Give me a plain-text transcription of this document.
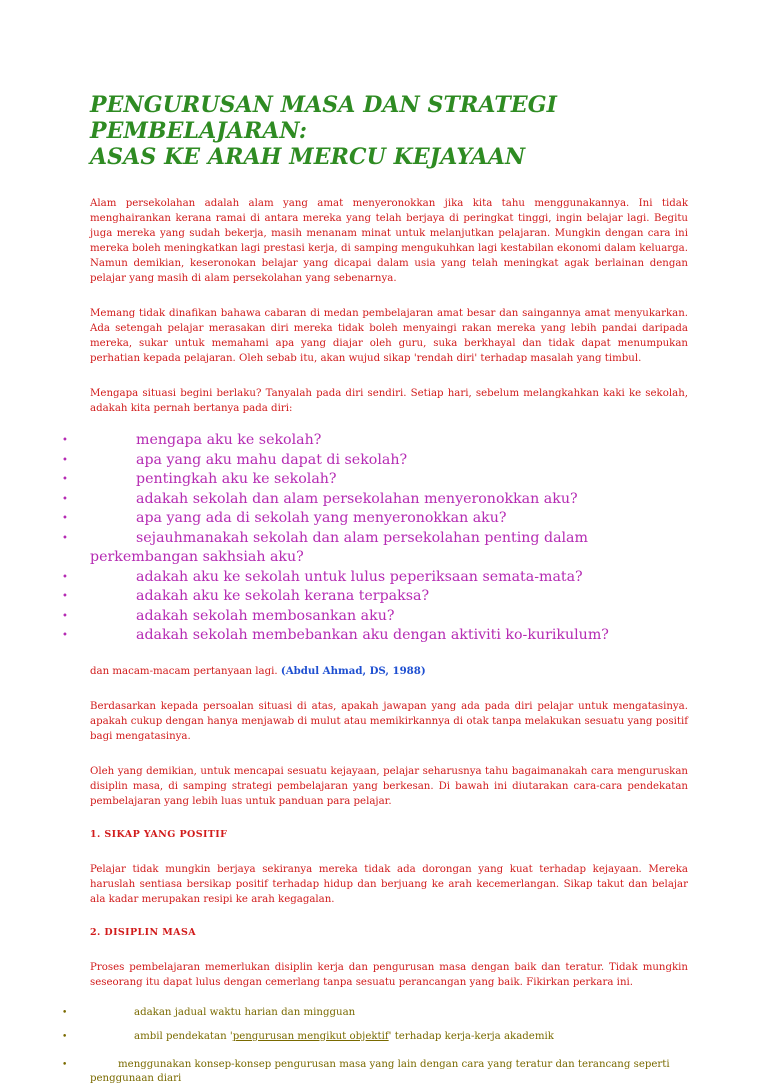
PENGURUSAN MASA DAN STRATEGI PEMBELAJARAN:
ASAS KE ARAH MERCU KEJAYAAN

Alam persekolahan adalah alam yang amat menyeronokkan jika kita tahu menggunakannya. Ini tidak menghairankan kerana ramai di antara mereka yang telah berjaya di peringkat tinggi, ingin belajar lagi. Begitu juga mereka yang sudah bekerja, masih menanam minat untuk melanjutkan pelajaran. Mungkin dengan cara ini mereka boleh meningkatkan lagi prestasi kerja, di samping mengukuhkan lagi kestabilan ekonomi dalam keluarga. Namun demikian, keseronokan belajar yang dicapai dalam usia yang telah meningkat agak berlainan dengan pelajar yang masih di alam persekolahan yang sebenarnya.

Memang tidak dinafikan bahawa cabaran di medan pembelajaran amat besar dan saingannya amat menyukarkan. Ada setengah pelajar merasakan diri mereka tidak boleh menyaingi rakan mereka yang lebih pandai daripada mereka, sukar untuk memahami apa yang diajar oleh guru, suka berkhayal dan tidak dapat menumpukan perhatian kepada pelajaran. Oleh sebab itu, akan wujud sikap 'rendah diri' terhadap masalah yang timbul.

Mengapa situasi begini berlaku? Tanyalah pada diri sendiri. Setiap hari, sebelum melangkahkan kaki ke sekolah, adakah kita pernah bertanya pada diri:

•	mengapa aku ke sekolah?
•	apa yang aku mahu dapat di sekolah?
•	pentingkah aku ke sekolah?
•	adakah sekolah dan alam persekolahan menyeronokkan aku?
•	apa yang ada di sekolah yang menyeronokkan aku?
•	sejauhmanakah sekolah dan alam persekolahan penting dalam
perkembangan sakhsiah aku?
•	adakah aku ke sekolah untuk lulus peperiksaan semata-mata?
•	adakah aku ke sekolah kerana terpaksa?
•	adakah sekolah membosankan aku?
•	adakah sekolah membebankan aku dengan aktiviti ko-kurikulum?

dan macam-macam pertanyaan lagi. (Abdul Ahmad, DS, 1988)

Berdasarkan kepada persoalan situasi di atas, apakah jawapan yang ada pada diri pelajar untuk mengatasinya. apakah cukup dengan hanya menjawab di mulut atau memikirkannya di otak tanpa melakukan sesuatu yang positif bagi mengatasinya.

Oleh yang demikian, untuk mencapai sesuatu kejayaan, pelajar seharusnya tahu bagaimanakah cara menguruskan disiplin masa, di samping strategi pembelajaran yang berkesan. Di bawah ini diutarakan cara-cara pendekatan pembelajaran yang lebih luas untuk panduan para pelajar.

1. SIKAP YANG POSITIF

Pelajar tidak mungkin berjaya sekiranya mereka tidak ada dorongan yang kuat terhadap kejayaan. Mereka haruslah sentiasa bersikap positif terhadap hidup dan berjuang ke arah kecemerlangan. Sikap takut dan belajar ala kadar merupakan resipi ke arah kegagalan.

2. DISIPLIN MASA

Proses pembelajaran memerlukan disiplin kerja dan pengurusan masa dengan baik dan teratur. Tidak mungkin seseorang itu dapat lulus dengan cemerlang tanpa sesuatu perancangan yang baik. Fikirkan perkara ini.

•	adakan jadual waktu harian dan mingguan
•	ambil pendekatan 'pengurusan mengikut objektif' terhadap kerja-kerja akademik
•	menggunakan konsep-konsep pengurusan masa yang lain dengan cara yang teratur dan terancang seperti
penggunaan diari
